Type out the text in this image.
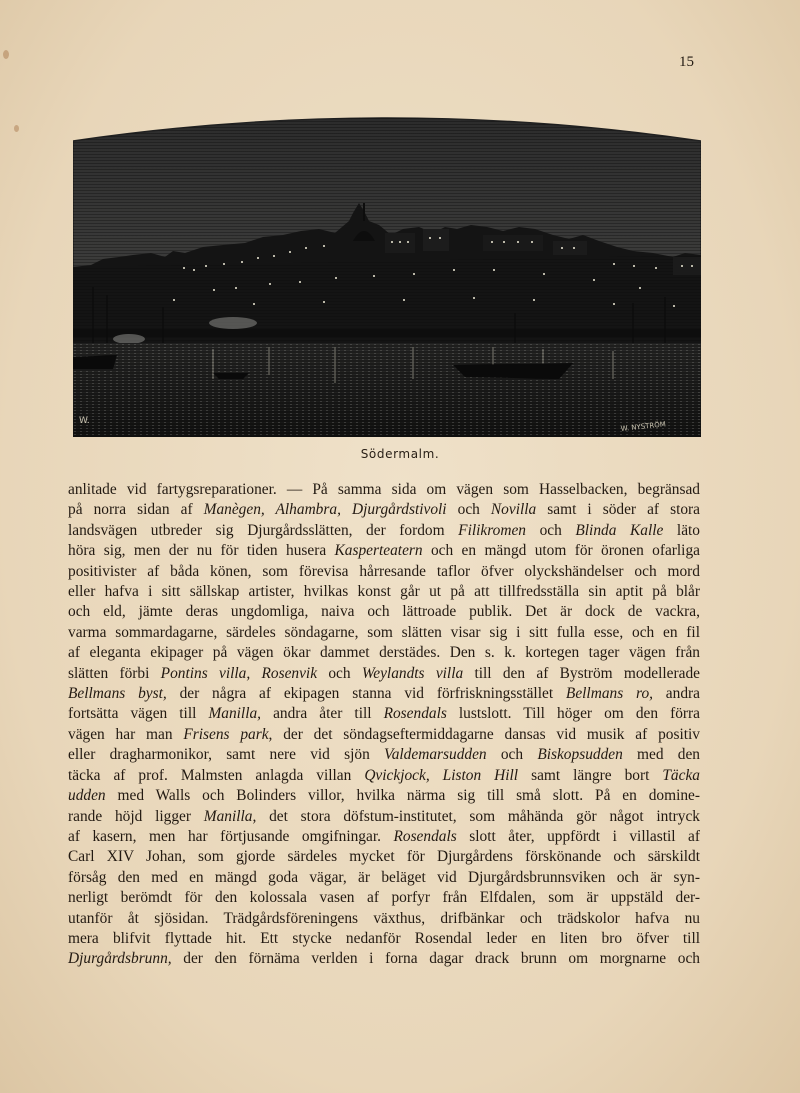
15
W.	W. NYSTRÖM
Södermalm.

anlitade vid fartygsreparationer. — På samma sida om vägen som Hasselbacken, begränsad
på norra sidan af Manègen, Alhambra, Djurgårdstivoli och Novilla samt i söder af stora
landsvägen utbreder sig Djurgårdsslätten, der fordom Filikromen och Blinda Kalle läto
höra sig, men der nu för tiden husera Kasperteatern och en mängd utom för öronen ofarliga
positivister af båda könen, som förevisa hårresande taflor öfver olyckshändelser och mord
eller hafva i sitt sällskap artister, hvilkas konst går ut på att tillfredsställa sin aptit på blår
och eld, jämte deras ungdomliga, naiva och lättroade publik. Det är dock de vackra,
varma sommardagarne, särdeles söndagarne, som slätten visar sig i sitt fulla esse, och en fil
af eleganta ekipager på vägen ökar dammet derstädes. Den s. k. kortegen tager vägen från
slätten förbi Pontins villa, Rosenvik och Weylandts villa till den af Byström modellerade
Bellmans byst, der några af ekipagen stanna vid förfriskningsstället Bellmans ro, andra
fortsätta vägen till Manilla, andra åter till Rosendals lustslott. Till höger om den förra
vägen har man Frisens park, der det söndagseftermiddagarne dansas vid musik af positiv
eller dragharmonikor, samt nere vid sjön Valdemarsudden och Biskopsudden med den
täcka af prof. Malmsten anlagda villan Qvickjock, Liston Hill samt längre bort Täcka
udden med Walls och Bolinders villor, hvilka närma sig till små slott. På en domine-
rande höjd ligger Manilla, det stora döfstum-institutet, som måhända gör något intryck
af kasern, men har förtjusande omgifningar. Rosendals slott åter, uppfördt i villastil af
Carl XIV Johan, som gjorde särdeles mycket för Djurgårdens förskönande och särskildt
försåg den med en mängd goda vägar, är beläget vid Djurgårdsbrunnsviken och är syn-
nerligt berömdt för den kolossala vasen af porfyr från Elfdalen, som är uppstäld der-
utanför åt sjösidan. Trädgårdsföreningens växthus, drifbänkar och trädskolor hafva nu
mera blifvit flyttade hit. Ett stycke nedanför Rosendal leder en liten bro öfver till
Djurgårdsbrunn, der den förnäma verlden i forna dagar drack brunn om morgnarne och
